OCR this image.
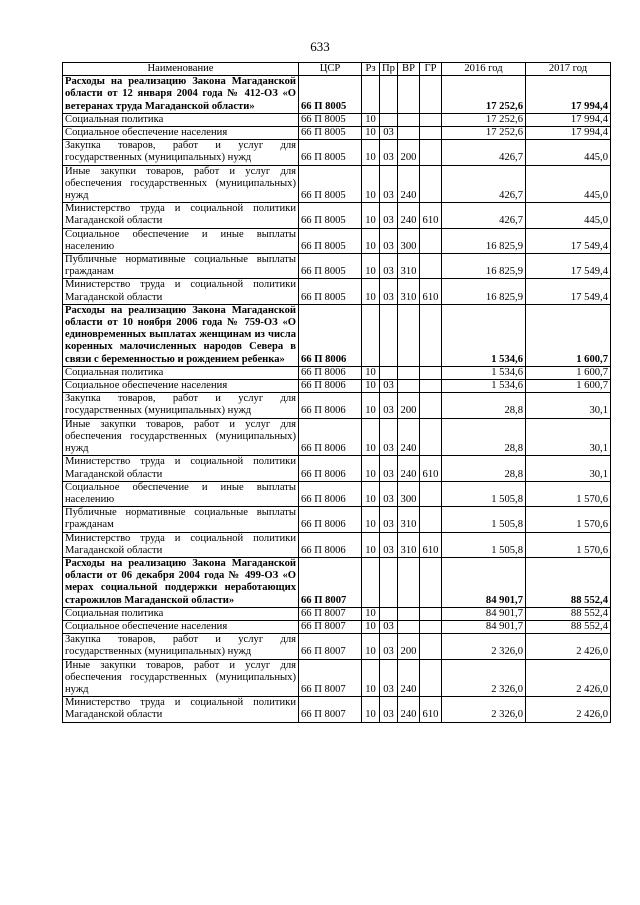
633
Наименование	ЦСР	Рз	Пр	ВР	ГР	2016 год	2017 год
Расходы на реализацию Закона Магаданской области от 12 января 2004 года № 412-ОЗ «О ветеранах труда Магаданской области»	66 П 8005					17 252,6	17 994,4
Социальная политика	66 П 8005	10				17 252,6	17 994,4
Социальное обеспечение населения	66 П 8005	10	03			17 252,6	17 994,4
Закупка товаров, работ и услуг для государственных (муниципальных) нужд	66 П 8005	10	03	200		426,7	445,0
Иные закупки товаров, работ и услуг для обеспечения государственных (муниципальных) нужд	66 П 8005	10	03	240		426,7	445,0
Министерство труда и социальной политики Магаданской области	66 П 8005	10	03	240	610	426,7	445,0
Социальное обеспечение и иные выплаты населению	66 П 8005	10	03	300		16 825,9	17 549,4
Публичные нормативные социальные выплаты гражданам	66 П 8005	10	03	310		16 825,9	17 549,4
Министерство труда и социальной политики Магаданской области	66 П 8005	10	03	310	610	16 825,9	17 549,4
Расходы на реализацию Закона Магаданской области от 10 ноября 2006 года № 759-ОЗ «О единовременных выплатах женщинам из числа коренных малочисленных народов Севера в связи с беременностью и рождением ребенка»	66 П 8006					1 534,6	1 600,7
Социальная политика	66 П 8006	10				1 534,6	1 600,7
Социальное обеспечение населения	66 П 8006	10	03			1 534,6	1 600,7
Закупка товаров, работ и услуг для государственных (муниципальных) нужд	66 П 8006	10	03	200		28,8	30,1
Иные закупки товаров, работ и услуг для обеспечения государственных (муниципальных) нужд	66 П 8006	10	03	240		28,8	30,1
Министерство труда и социальной политики Магаданской области	66 П 8006	10	03	240	610	28,8	30,1
Социальное обеспечение и иные выплаты населению	66 П 8006	10	03	300		1 505,8	1 570,6
Публичные нормативные социальные выплаты гражданам	66 П 8006	10	03	310		1 505,8	1 570,6
Министерство труда и социальной политики Магаданской области	66 П 8006	10	03	310	610	1 505,8	1 570,6
Расходы на реализацию Закона Магаданской области от 06 декабря 2004 года № 499-ОЗ «О мерах социальной поддержки неработающих старожилов Магаданской области»	66 П 8007					84 901,7	88 552,4
Социальная политика	66 П 8007	10				84 901,7	88 552,4
Социальное обеспечение населения	66 П 8007	10	03			84 901,7	88 552,4
Закупка товаров, работ и услуг для государственных (муниципальных) нужд	66 П 8007	10	03	200		2 326,0	2 426,0
Иные закупки товаров, работ и услуг для обеспечения государственных (муниципальных) нужд	66 П 8007	10	03	240		2 326,0	2 426,0
Министерство труда и социальной политики Магаданской области	66 П 8007	10	03	240	610	2 326,0	2 426,0
